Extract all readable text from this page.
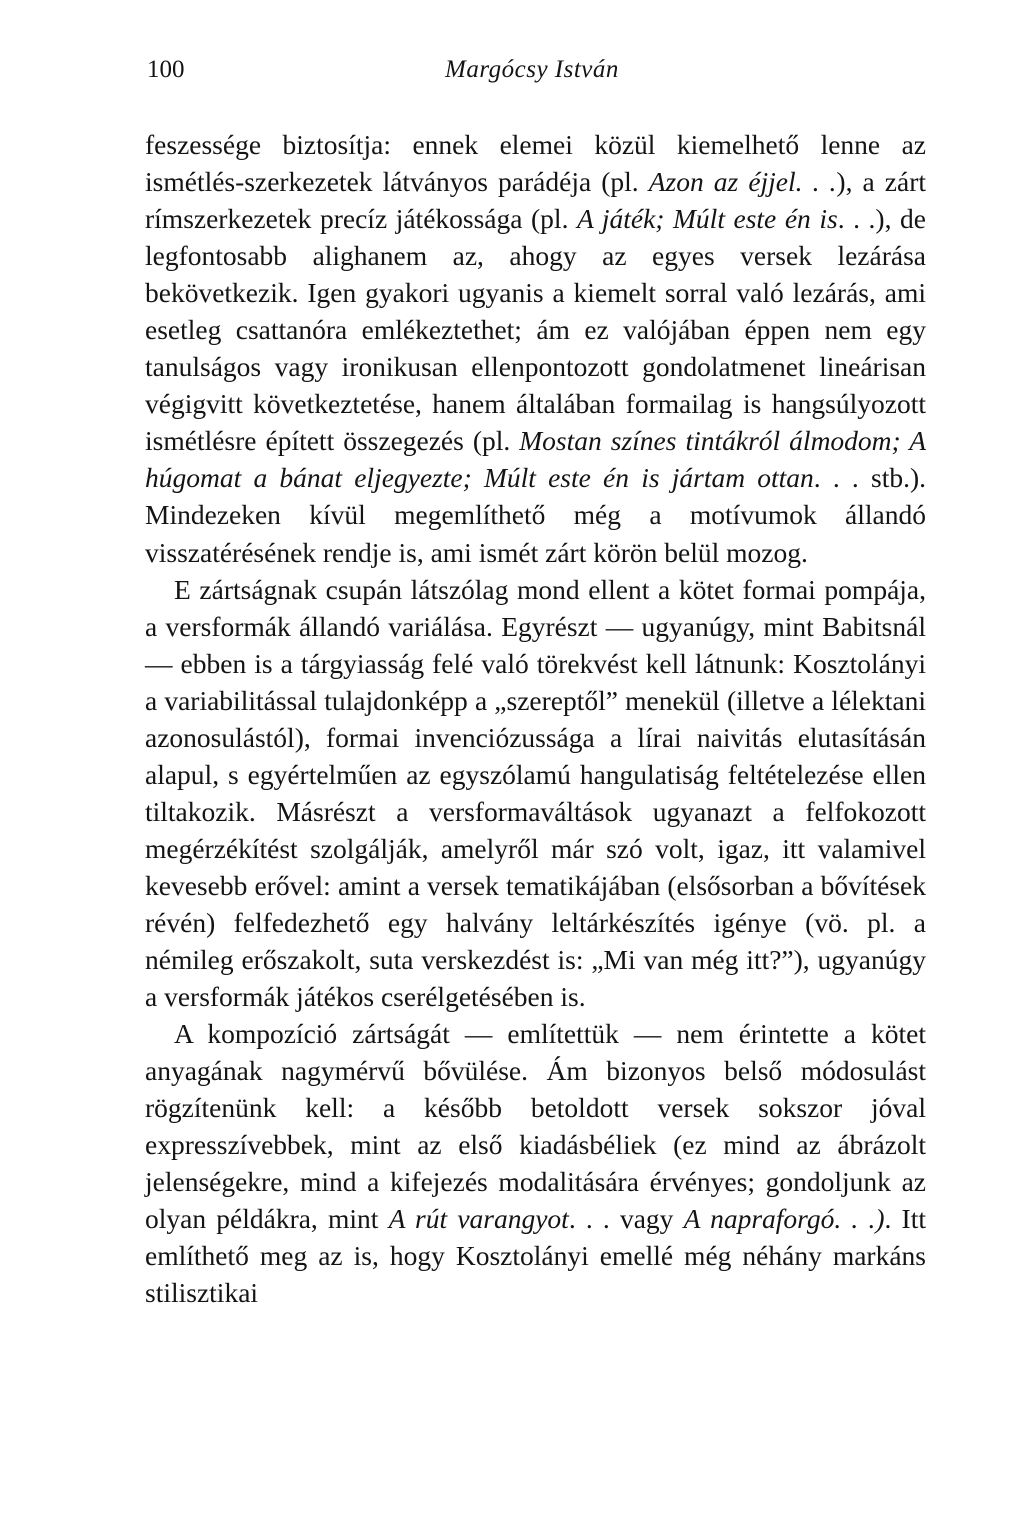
100	Margócsy István

feszessége biztosítja: ennek elemei közül kiemelhető lenne az ismétlés-szerkezetek látványos parádéja (pl. Azon az éjjel. . .), a zárt rímszerkezetek precíz játékossága (pl. A játék; Múlt este én is. . .), de legfontosabb alighanem az, ahogy az egyes versek lezárása bekövetkezik. Igen gyakori ugyanis a kiemelt sorral való lezárás, ami esetleg csattanóra emlékeztethet; ám ez valójában éppen nem egy tanulságos vagy ironikusan ellenpontozott gondolatmenet lineárisan végigvitt következtetése, hanem általában formailag is hangsúlyozott ismétlésre épített összegezés (pl. Mostan színes tintákról álmodom; A húgomat a bánat eljegyezte; Múlt este én is jártam ottan. . . stb.). Mindezeken kívül megemlíthető még a motívumok állandó visszatérésének rendje is, ami ismét zárt körön belül mozog.

E zártságnak csupán látszólag mond ellent a kötet formai pompája, a versformák állandó variálása. Egyrészt — ugyanúgy, mint Babitsnál — ebben is a tárgyiasság felé való törekvést kell látnunk: Kosztolányi a variabilitással tulajdonképp a „szereptől” menekül (illetve a lélektani azonosulástól), formai invenciózussága a lírai naivitás elutasításán alapul, s egyértelműen az egyszólamú hangulatiság feltételezése ellen tiltakozik. Másrészt a versformaváltások ugyanazt a felfokozott megérzékítést szolgálják, amelyről már szó volt, igaz, itt valamivel kevesebb erővel: amint a versek tematikájában (elsősorban a bővítések révén) felfedezhető egy halvány leltárkészítés igénye (vö. pl. a némileg erőszakolt, suta verskezdést is: „Mi van még itt?”), ugyanúgy a versformák játékos cserélgetésében is.

A kompozíció zártságát — említettük — nem érintette a kötet anyagának nagymérvű bővülése. Ám bizonyos belső módosulást rögzítenünk kell: a később betoldott versek sokszor jóval expresszívebbek, mint az első kiadásbéliek (ez mind az ábrázolt jelenségekre, mind a kifejezés modalitására érvényes; gondoljunk az olyan példákra, mint A rút varangyot. . . vagy A napraforgó. . .). Itt említhető meg az is, hogy Kosztolányi emellé még néhány markáns stilisztikai
